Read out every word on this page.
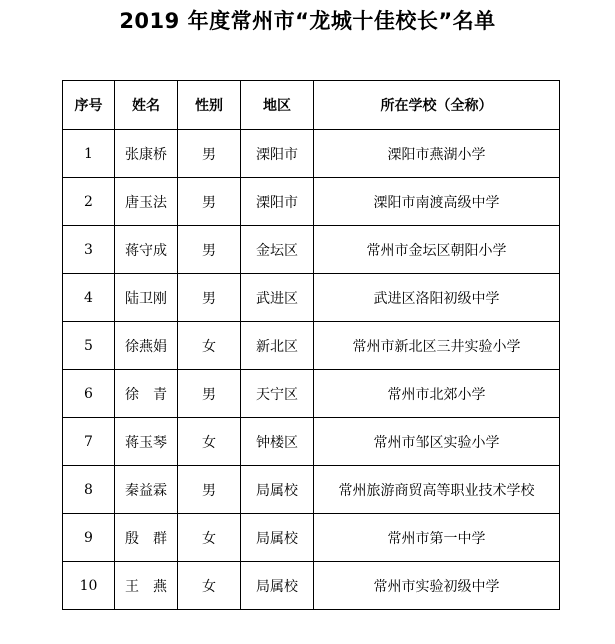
2019 年度常州市“龙城十佳校长”名单
序号	姓名	性别	地区	所在学校（全称）
1	张康桥	男	溧阳市	溧阳市燕湖小学
2	唐玉法	男	溧阳市	溧阳市南渡高级中学
3	蒋守成	男	金坛区	常州市金坛区朝阳小学
4	陆卫刚	男	武进区	武进区洛阳初级中学
5	徐燕娟	女	新北区	常州市新北区三井实验小学
6	徐　青	男	天宁区	常州市北郊小学
7	蒋玉琴	女	钟楼区	常州市邹区实验小学
8	秦益霖	男	局属校	常州旅游商贸高等职业技术学校
9	殷　群	女	局属校	常州市第一中学
10	王　燕	女	局属校	常州市实验初级中学
